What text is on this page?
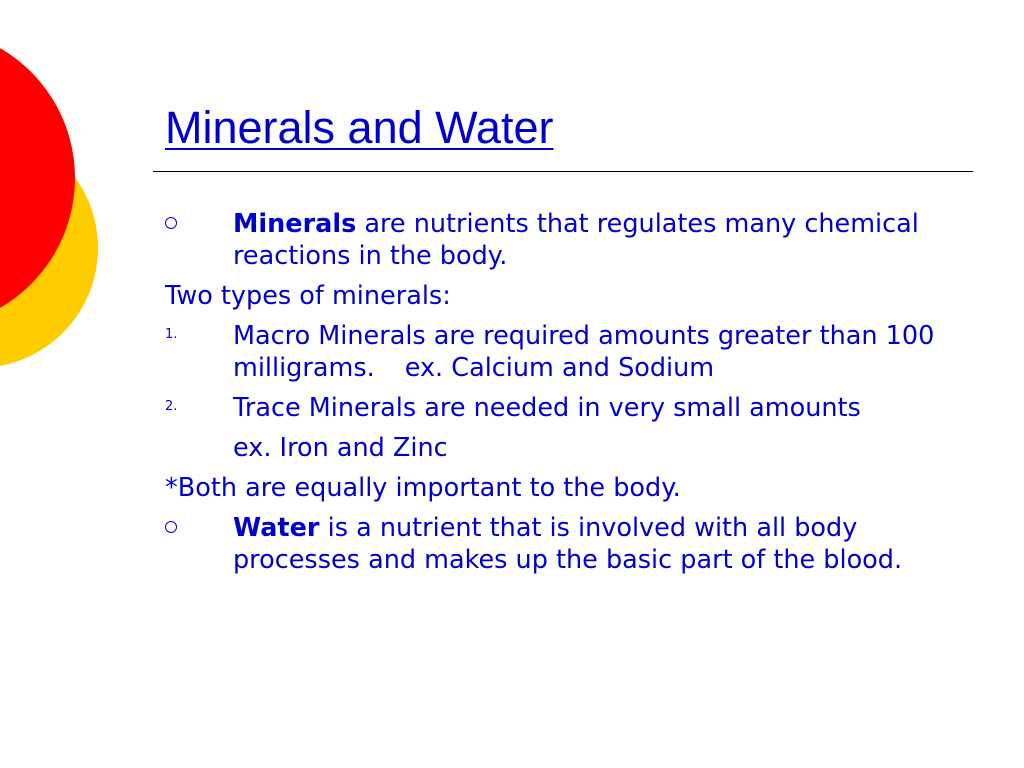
Minerals and Water
Minerals are nutrients that regulates many chemical reactions in the body.
Two types of minerals:
1. Macro Minerals are required amounts greater than 100 milligrams. ex. Calcium and Sodium
2. Trace Minerals are needed in very small amounts
ex. Iron and Zinc
*Both are equally important to the body.
Water is a nutrient that is involved with all body processes and makes up the basic part of the blood.
